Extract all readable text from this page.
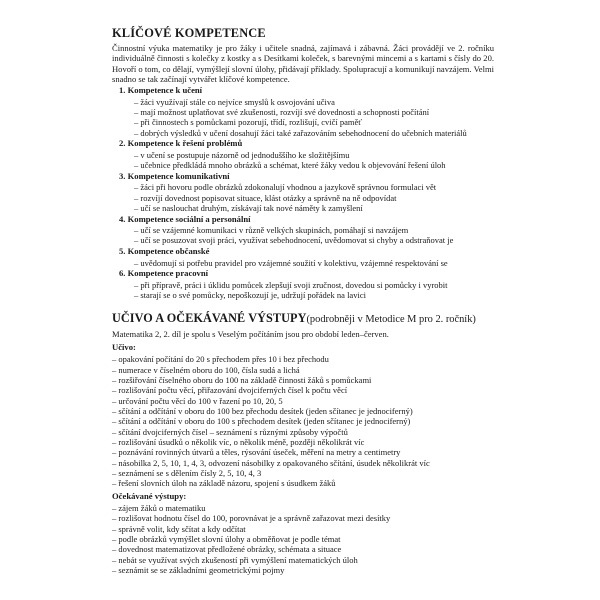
KLÍČOVÉ KOMPETENCE

Činnostní výuka matematiky je pro žáky i učitele snadná, zajímavá i zábavná. Žáci provádějí ve 2. ročníku individuálně činnosti s kolečky z kostky a s Desítkami koleček, s barevnými mincemi a s kartami s čísly do 20. Hovoří o tom, co dělají, vymýšlejí slovní úlohy, přidávají příklady. Spolupracují a komunikují navzájem. Velmi snadno se tak začínají vytvářet klíčové kompetence.

1. Kompetence k učení
– žáci využívají stále co nejvíce smyslů k osvojování učiva
– mají možnost uplatňovat své zkušenosti, rozvíjí své dovednosti a schopnosti počítání
– při činnostech s pomůckami pozorují, třídí, rozlišují, cvičí paměť
– dobrých výsledků v učení dosahují žáci také zařazováním sebehodnocení do učebních materiálů
2. Kompetence k řešení problémů
– v učení se postupuje názorně od jednoduššího ke složitějšímu
– učebnice předkládá mnoho obrázků a schémat, které žáky vedou k objevování řešení úloh
3. Kompetence komunikativní
– žáci při hovoru podle obrázků zdokonalují vhodnou a jazykově správnou formulaci vět
– rozvíjí dovednost popisovat situace, klást otázky a správně na ně odpovídat
– učí se naslouchat druhým, získávají tak nové náměty k zamyšlení
4. Kompetence sociální a personální
– učí se vzájemné komunikaci v různě velkých skupinách, pomáhají si navzájem
– učí se posuzovat svoji práci, využívat sebehodnocení, uvědomovat si chyby a odstraňovat je
5. Kompetence občanské
– uvědomují si potřebu pravidel pro vzájemné soužití v kolektivu, vzájemné respektování se
6. Kompetence pracovní
– při přípravě, práci i úklidu pomůcek zlepšují svoji zručnost, dovedou si pomůcky i vyrobit
– starají se o své pomůcky, nepoškozují je, udržují pořádek na lavici
UČIVO A OČEKÁVANÉ VÝSTUPY(podrobněji v Metodice M pro 2. ročník)

Matematika 2, 2. díl je spolu s Veselým počítáním jsou pro období leden–červen.

Učivo:
– opakování počítání do 20 s přechodem přes 10 i bez přechodu
– numerace v číselném oboru do 100, čísla sudá a lichá
– rozšiřování číselného oboru do 100 na základě činnosti žáků s pomůckami
– rozlišování počtu věcí, přiřazování dvojciferných čísel k počtu věcí
– určování počtu věcí do 100 v řazení po 10, 20, 5
– sčítání a odčítání v oboru do 100 bez přechodu desítek (jeden sčítanec je jednociferný)
– sčítání a odčítání v oboru do 100 s přechodem desítek (jeden sčítanec je jednociferný)
– sčítání dvojciferných čísel – seznámení s různými způsoby výpočtů
– rozlišování úsudků o několik víc, o několik méně, později několikrát víc
– poznávání rovinných útvarů a těles, rýsování úseček, měření na metry a centimetry
– násobilka 2, 5, 10, 1, 4, 3, odvození násobilky z opakovaného sčítání, úsudek několikrát víc
– seznámení se s dělením čísly 2, 5, 10, 4, 3
– řešení slovních úloh na základě názoru, spojení s úsudkem žáků
Očekávané výstupy:
– zájem žáků o matematiku
– rozlišovat hodnotu čísel do 100, porovnávat je a správně zařazovat mezi desítky
– správně volit, kdy sčítat a kdy odčítat
– podle obrázků vymýšlet slovní úlohy a obměňovat je podle témat
– dovednost matematizovat předložené obrázky, schémata a situace
– nebát se využívat svých zkušeností při vymýšlení matematických úloh
– seznámit se se základními geometrickými pojmy
